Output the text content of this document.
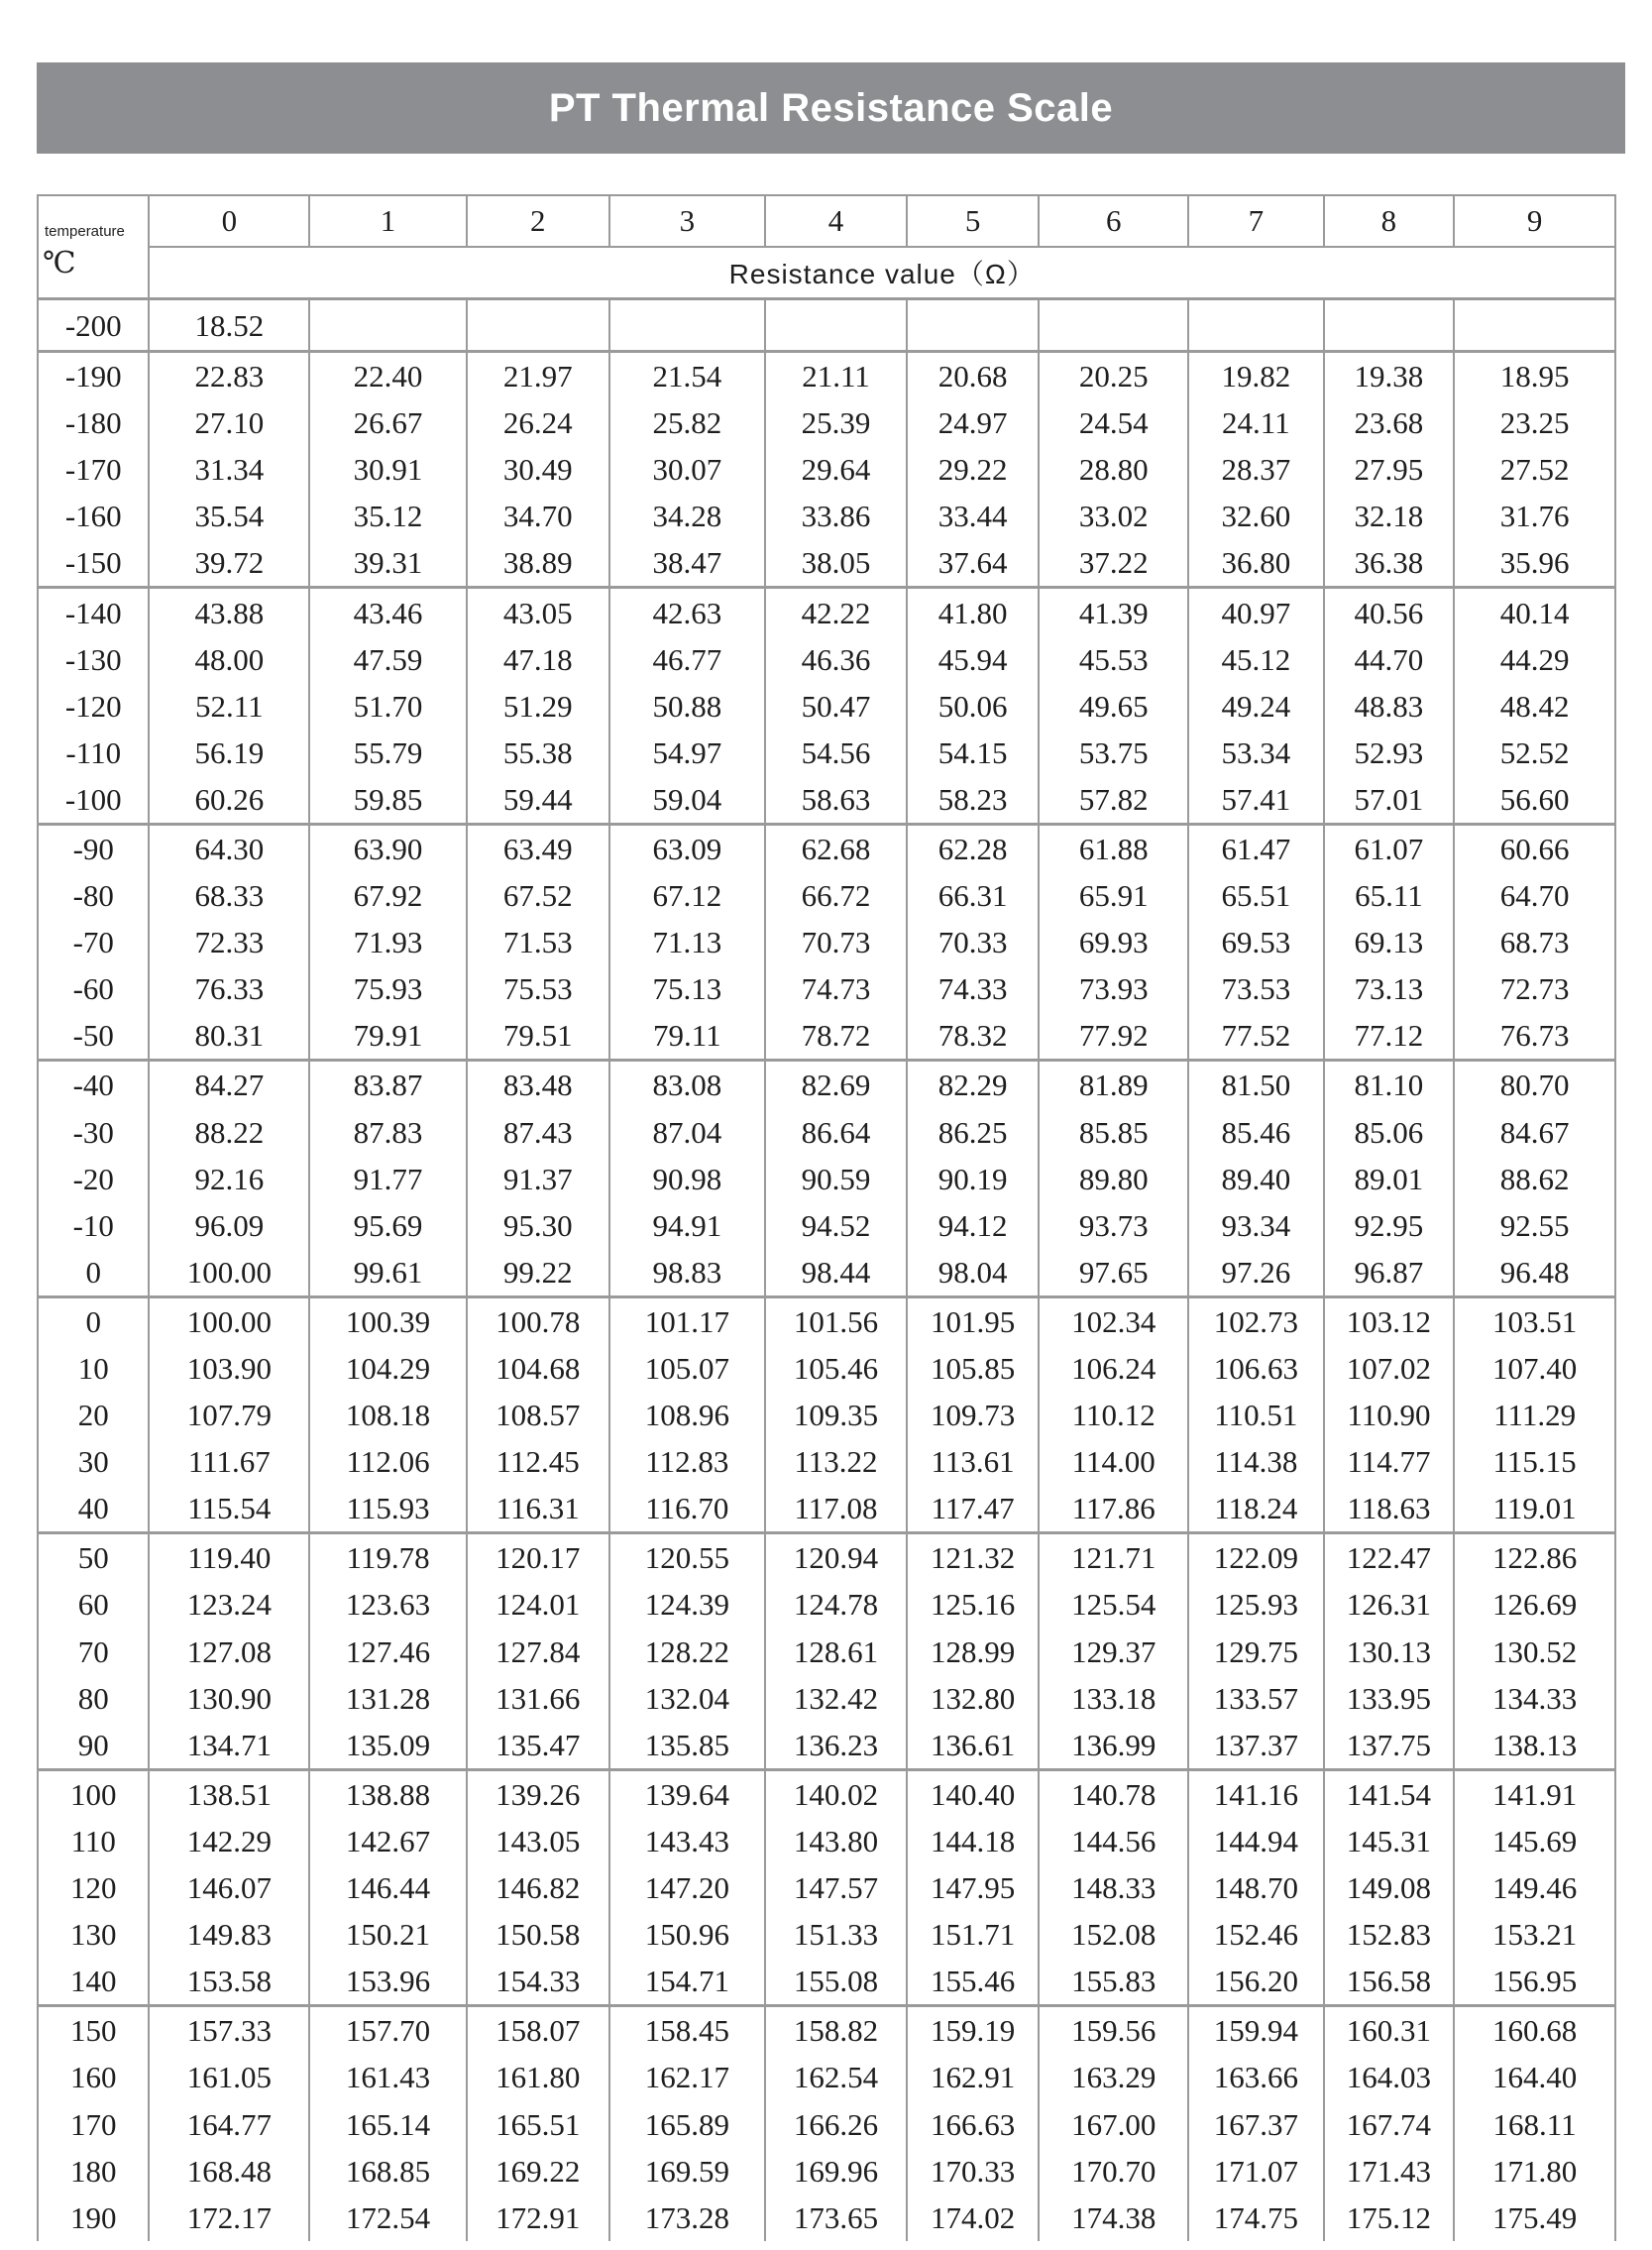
PT Thermal Resistance Scale
temperature
℃	0	1	2	3	4	5	6	7	8	9
	Resistance value（Ω）									
-200	18.52									
-190	22.83	22.40	21.97	21.54	21.11	20.68	20.25	19.82	19.38	18.95
-180	27.10	26.67	26.24	25.82	25.39	24.97	24.54	24.11	23.68	23.25
-170	31.34	30.91	30.49	30.07	29.64	29.22	28.80	28.37	27.95	27.52
-160	35.54	35.12	34.70	34.28	33.86	33.44	33.02	32.60	32.18	31.76
-150	39.72	39.31	38.89	38.47	38.05	37.64	37.22	36.80	36.38	35.96
-140	43.88	43.46	43.05	42.63	42.22	41.80	41.39	40.97	40.56	40.14
-130	48.00	47.59	47.18	46.77	46.36	45.94	45.53	45.12	44.70	44.29
-120	52.11	51.70	51.29	50.88	50.47	50.06	49.65	49.24	48.83	48.42
-110	56.19	55.79	55.38	54.97	54.56	54.15	53.75	53.34	52.93	52.52
-100	60.26	59.85	59.44	59.04	58.63	58.23	57.82	57.41	57.01	56.60
-90	64.30	63.90	63.49	63.09	62.68	62.28	61.88	61.47	61.07	60.66
-80	68.33	67.92	67.52	67.12	66.72	66.31	65.91	65.51	65.11	64.70
-70	72.33	71.93	71.53	71.13	70.73	70.33	69.93	69.53	69.13	68.73
-60	76.33	75.93	75.53	75.13	74.73	74.33	73.93	73.53	73.13	72.73
-50	80.31	79.91	79.51	79.11	78.72	78.32	77.92	77.52	77.12	76.73
-40	84.27	83.87	83.48	83.08	82.69	82.29	81.89	81.50	81.10	80.70
-30	88.22	87.83	87.43	87.04	86.64	86.25	85.85	85.46	85.06	84.67
-20	92.16	91.77	91.37	90.98	90.59	90.19	89.80	89.40	89.01	88.62
-10	96.09	95.69	95.30	94.91	94.52	94.12	93.73	93.34	92.95	92.55
0	100.00	99.61	99.22	98.83	98.44	98.04	97.65	97.26	96.87	96.48
0	100.00	100.39	100.78	101.17	101.56	101.95	102.34	102.73	103.12	103.51
10	103.90	104.29	104.68	105.07	105.46	105.85	106.24	106.63	107.02	107.40
20	107.79	108.18	108.57	108.96	109.35	109.73	110.12	110.51	110.90	111.29
30	111.67	112.06	112.45	112.83	113.22	113.61	114.00	114.38	114.77	115.15
40	115.54	115.93	116.31	116.70	117.08	117.47	117.86	118.24	118.63	119.01
50	119.40	119.78	120.17	120.55	120.94	121.32	121.71	122.09	122.47	122.86
60	123.24	123.63	124.01	124.39	124.78	125.16	125.54	125.93	126.31	126.69
70	127.08	127.46	127.84	128.22	128.61	128.99	129.37	129.75	130.13	130.52
80	130.90	131.28	131.66	132.04	132.42	132.80	133.18	133.57	133.95	134.33
90	134.71	135.09	135.47	135.85	136.23	136.61	136.99	137.37	137.75	138.13
100	138.51	138.88	139.26	139.64	140.02	140.40	140.78	141.16	141.54	141.91
110	142.29	142.67	143.05	143.43	143.80	144.18	144.56	144.94	145.31	145.69
120	146.07	146.44	146.82	147.20	147.57	147.95	148.33	148.70	149.08	149.46
130	149.83	150.21	150.58	150.96	151.33	151.71	152.08	152.46	152.83	153.21
140	153.58	153.96	154.33	154.71	155.08	155.46	155.83	156.20	156.58	156.95
150	157.33	157.70	158.07	158.45	158.82	159.19	159.56	159.94	160.31	160.68
160	161.05	161.43	161.80	162.17	162.54	162.91	163.29	163.66	164.03	164.40
170	164.77	165.14	165.51	165.89	166.26	166.63	167.00	167.37	167.74	168.11
180	168.48	168.85	169.22	169.59	169.96	170.33	170.70	171.07	171.43	171.80
190	172.17	172.54	172.91	173.28	173.65	174.02	174.38	174.75	175.12	175.49
